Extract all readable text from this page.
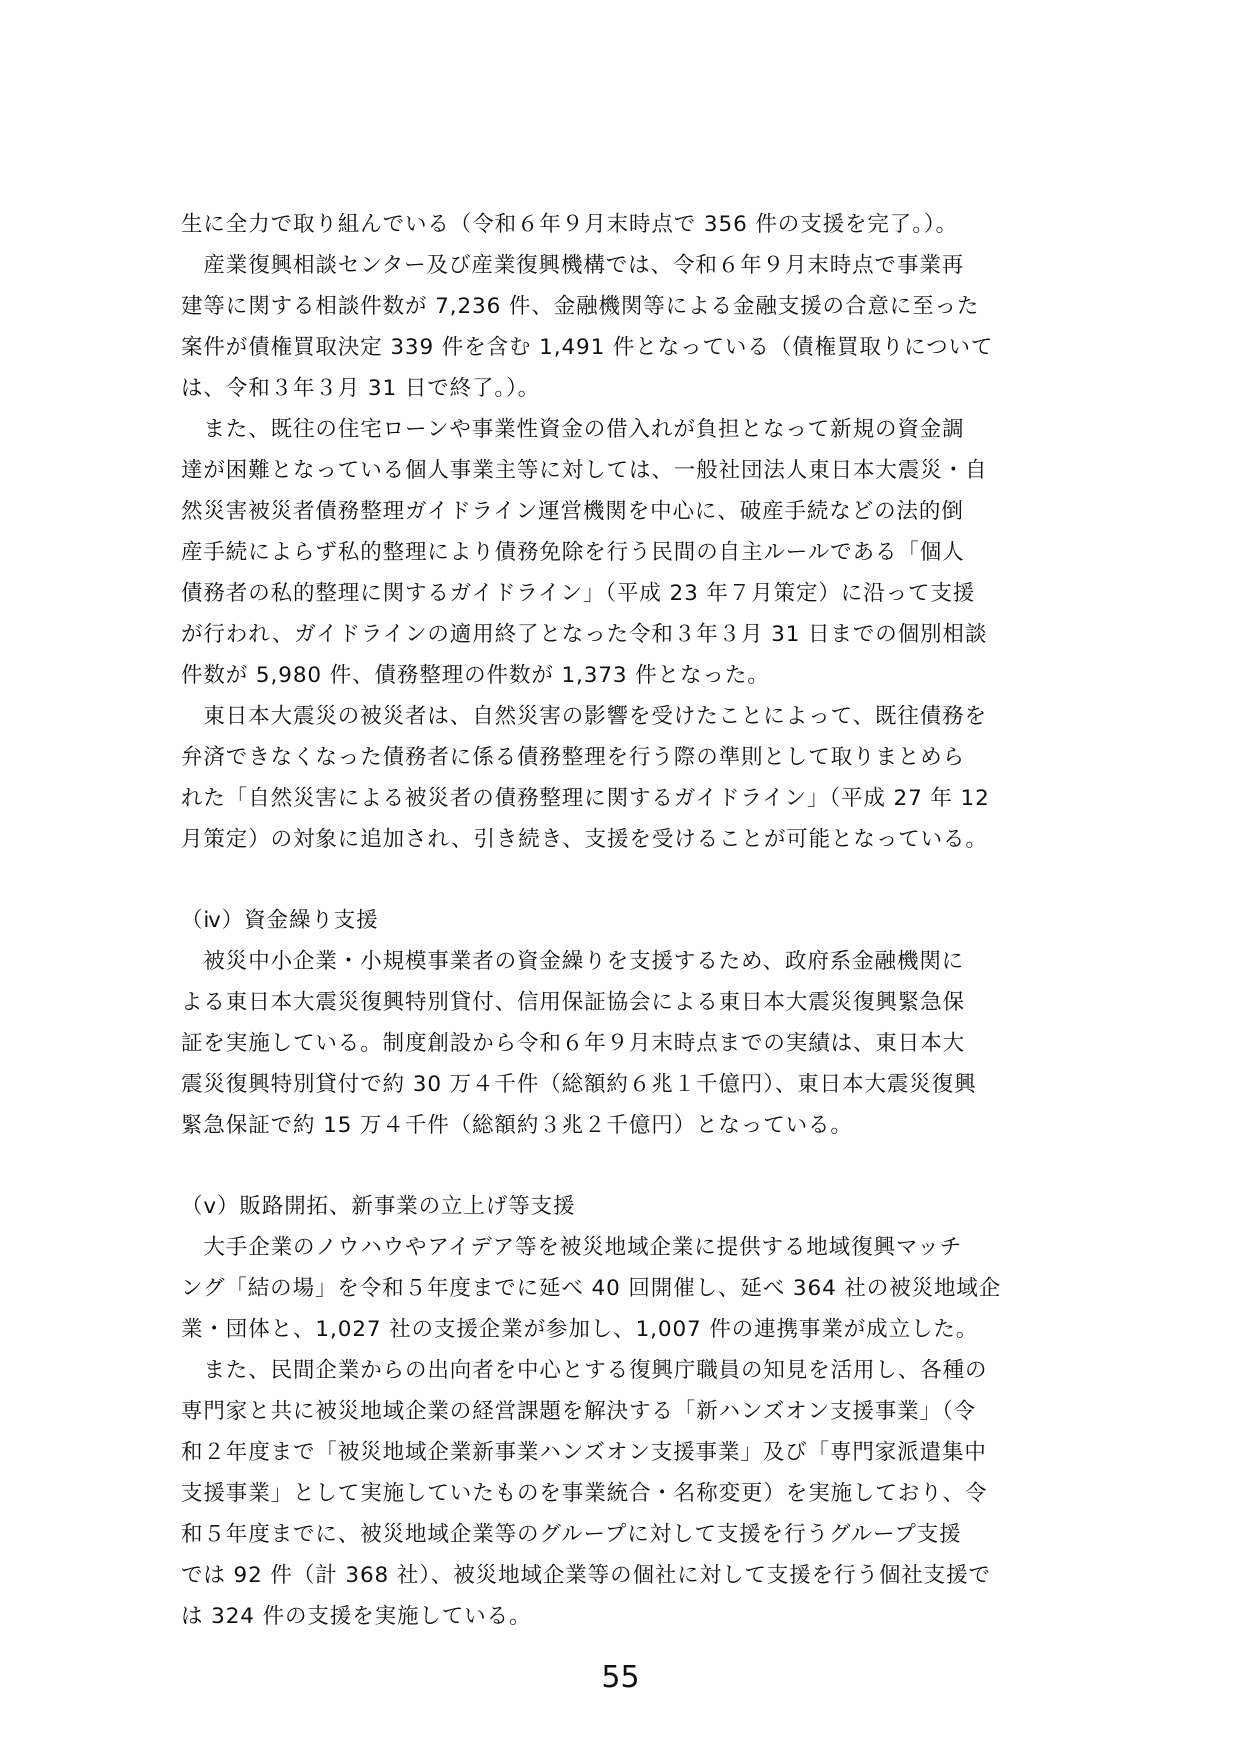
生に全力で取り組んでいる（令和６年９月末時点で 356 件の支援を完了。）。
　産業復興相談センター及び産業復興機構では、令和６年９月末時点で事業再
建等に関する相談件数が 7,236 件、金融機関等による金融支援の合意に至った
案件が債権買取決定 339 件を含む 1,491 件となっている（債権買取りについて
は、令和３年３月 31 日で終了。）。
　また、既往の住宅ローンや事業性資金の借入れが負担となって新規の資金調
達が困難となっている個人事業主等に対しては、一般社団法人東日本大震災・自
然災害被災者債務整理ガイドライン運営機関を中心に、破産手続などの法的倒
産手続によらず私的整理により債務免除を行う民間の自主ルールである「個人
債務者の私的整理に関するガイドライン」（平成 23 年７月策定）に沿って支援
が行われ、ガイドラインの適用終了となった令和３年３月 31 日までの個別相談
件数が 5,980 件、債務整理の件数が 1,373 件となった。
　東日本大震災の被災者は、自然災害の影響を受けたことによって、既往債務を
弁済できなくなった債務者に係る債務整理を行う際の準則として取りまとめら
れた「自然災害による被災者の債務整理に関するガイドライン」（平成 27 年 12
月策定）の対象に追加され、引き続き、支援を受けることが可能となっている。
（ⅳ）資金繰り支援
　被災中小企業・小規模事業者の資金繰りを支援するため、政府系金融機関に
よる東日本大震災復興特別貸付、信用保証協会による東日本大震災復興緊急保
証を実施している。制度創設から令和６年９月末時点までの実績は、東日本大
震災復興特別貸付で約 30 万４千件（総額約６兆１千億円）、東日本大震災復興
緊急保証で約 15 万４千件（総額約３兆２千億円）となっている。
（ⅴ）販路開拓、新事業の立上げ等支援
　大手企業のノウハウやアイデア等を被災地域企業に提供する地域復興マッチ
ング「結の場」を令和５年度までに延べ 40 回開催し、延べ 364 社の被災地域企
業・団体と、1,027 社の支援企業が参加し、1,007 件の連携事業が成立した。
　また、民間企業からの出向者を中心とする復興庁職員の知見を活用し、各種の
専門家と共に被災地域企業の経営課題を解決する「新ハンズオン支援事業」（令
和２年度まで「被災地域企業新事業ハンズオン支援事業」及び「専門家派遣集中
支援事業」として実施していたものを事業統合・名称変更）を実施しており、令
和５年度までに、被災地域企業等のグループに対して支援を行うグループ支援
では 92 件（計 368 社）、被災地域企業等の個社に対して支援を行う個社支援で
は 324 件の支援を実施している。
55
